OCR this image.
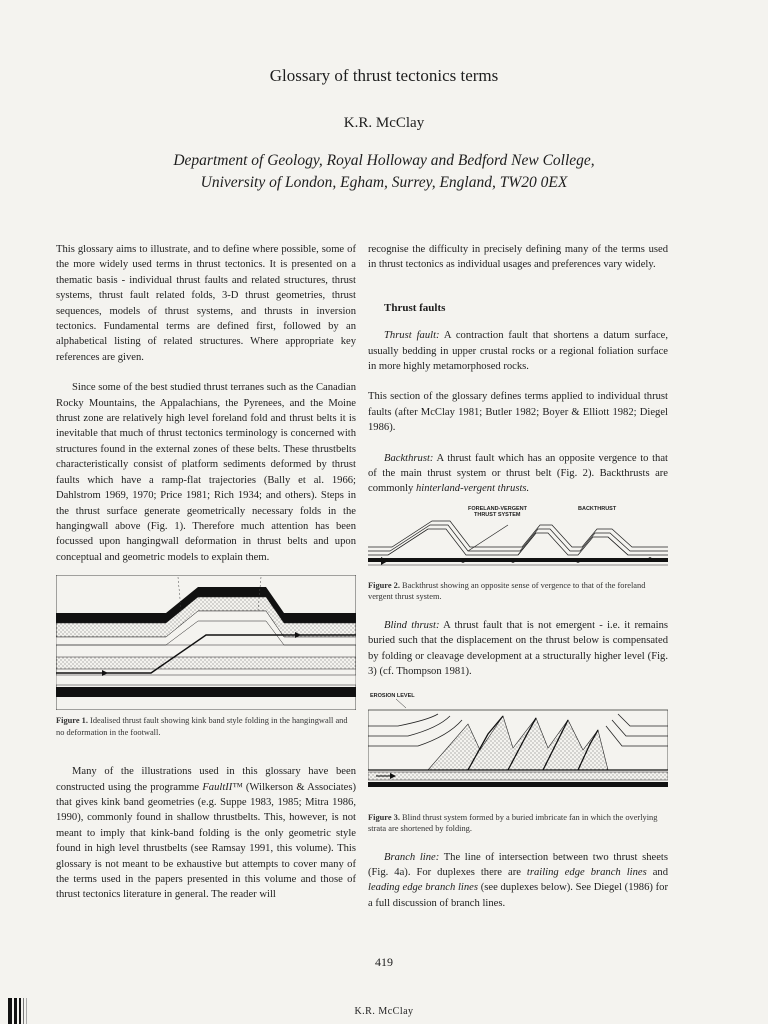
Glossary of thrust tectonics terms
K.R. McClay
Department of Geology, Royal Holloway and Bedford New College,
University of London, Egham, Surrey, England, TW20 0EX

This glossary aims to illustrate, and to define where possible, some of the more widely used terms in thrust tectonics. It is presented on a thematic basis - individual thrust faults and related structures, thrust systems, thrust fault related folds, 3-D thrust geometries, thrust sequences, models of thrust systems, and thrusts in inversion tectonics. Fundamental terms are defined first, followed by an alphabetical listing of related structures. Where appropriate key references are given.

Since some of the best studied thrust terranes such as the Canadian Rocky Mountains, the Appalachians, the Pyrenees, and the Moine thrust zone are relatively high level foreland fold and thrust belts it is inevitable that much of thrust tectonics terminology is concerned with structures found in the external zones of these belts. These thrustbelts characteristically consist of platform sediments deformed by thrust faults which have a ramp-flat trajectories (Bally et al. 1966; Dahlstrom 1969, 1970; Price 1981; Rich 1934; and others). Steps in the thrust surface generate geometrically necessary folds in the hangingwall above (Fig. 1). Therefore much attention has been focussed upon hangingwall deformation in thrust belts and upon conceptual and geometric models to explain them.

Figure 1. Idealised thrust fault showing kink band style folding in the hangingwall and no deformation in the footwall.

Many of the illustrations used in this glossary have been constructed using the programme FaultII™ (Wilkerson & Associates) that gives kink band geometries (e.g. Suppe 1983, 1985; Mitra 1986, 1990), commonly found in shallow thrustbelts. This, however, is not meant to imply that kink-band folding is the only geometric style found in high level thrustbelts (see Ramsay 1991, this volume). This glossary is not meant to be exhaustive but attempts to cover many of the terms used in the papers presented in this volume and those of thrust tectonics literature in general. The reader will

recognise the difficulty in precisely defining many of the terms used in thrust tectonics as individual usages and preferences vary widely.

Thrust faults

Thrust fault: A contraction fault that shortens a datum surface, usually bedding in upper crustal rocks or a regional foliation surface in more highly metamorphosed rocks.

This section of the glossary defines terms applied to individual thrust faults (after McClay 1981; Butler 1982; Boyer & Elliott 1982; Diegel 1986).

Backthrust: A thrust fault which has an opposite vergence to that of the main thrust system or thrust belt (Fig. 2). Backthrusts are commonly hinterland-vergent thrusts.

FORELAND-VERGENT
THRUST SYSTEM
BACKTHRUST
Figure 2. Backthrust showing an opposite sense of vergence to that of the foreland vergent thrust system.

Blind thrust: A thrust fault that is not emergent - i.e. it remains buried such that the displacement on the thrust below is compensated by folding or cleavage development at a structurally higher level (Fig. 3) (cf. Thompson 1981).

EROSION LEVEL
Figure 3. Blind thrust system formed by a buried imbricate fan in which the overlying strata are shortened by folding.

Branch line: The line of intersection between two thrust sheets (Fig. 4a). For duplexes there are trailing edge branch lines and leading edge branch lines (see duplexes below). See Diegel (1986) for a full discussion of branch lines.

419
K.R. McClay
